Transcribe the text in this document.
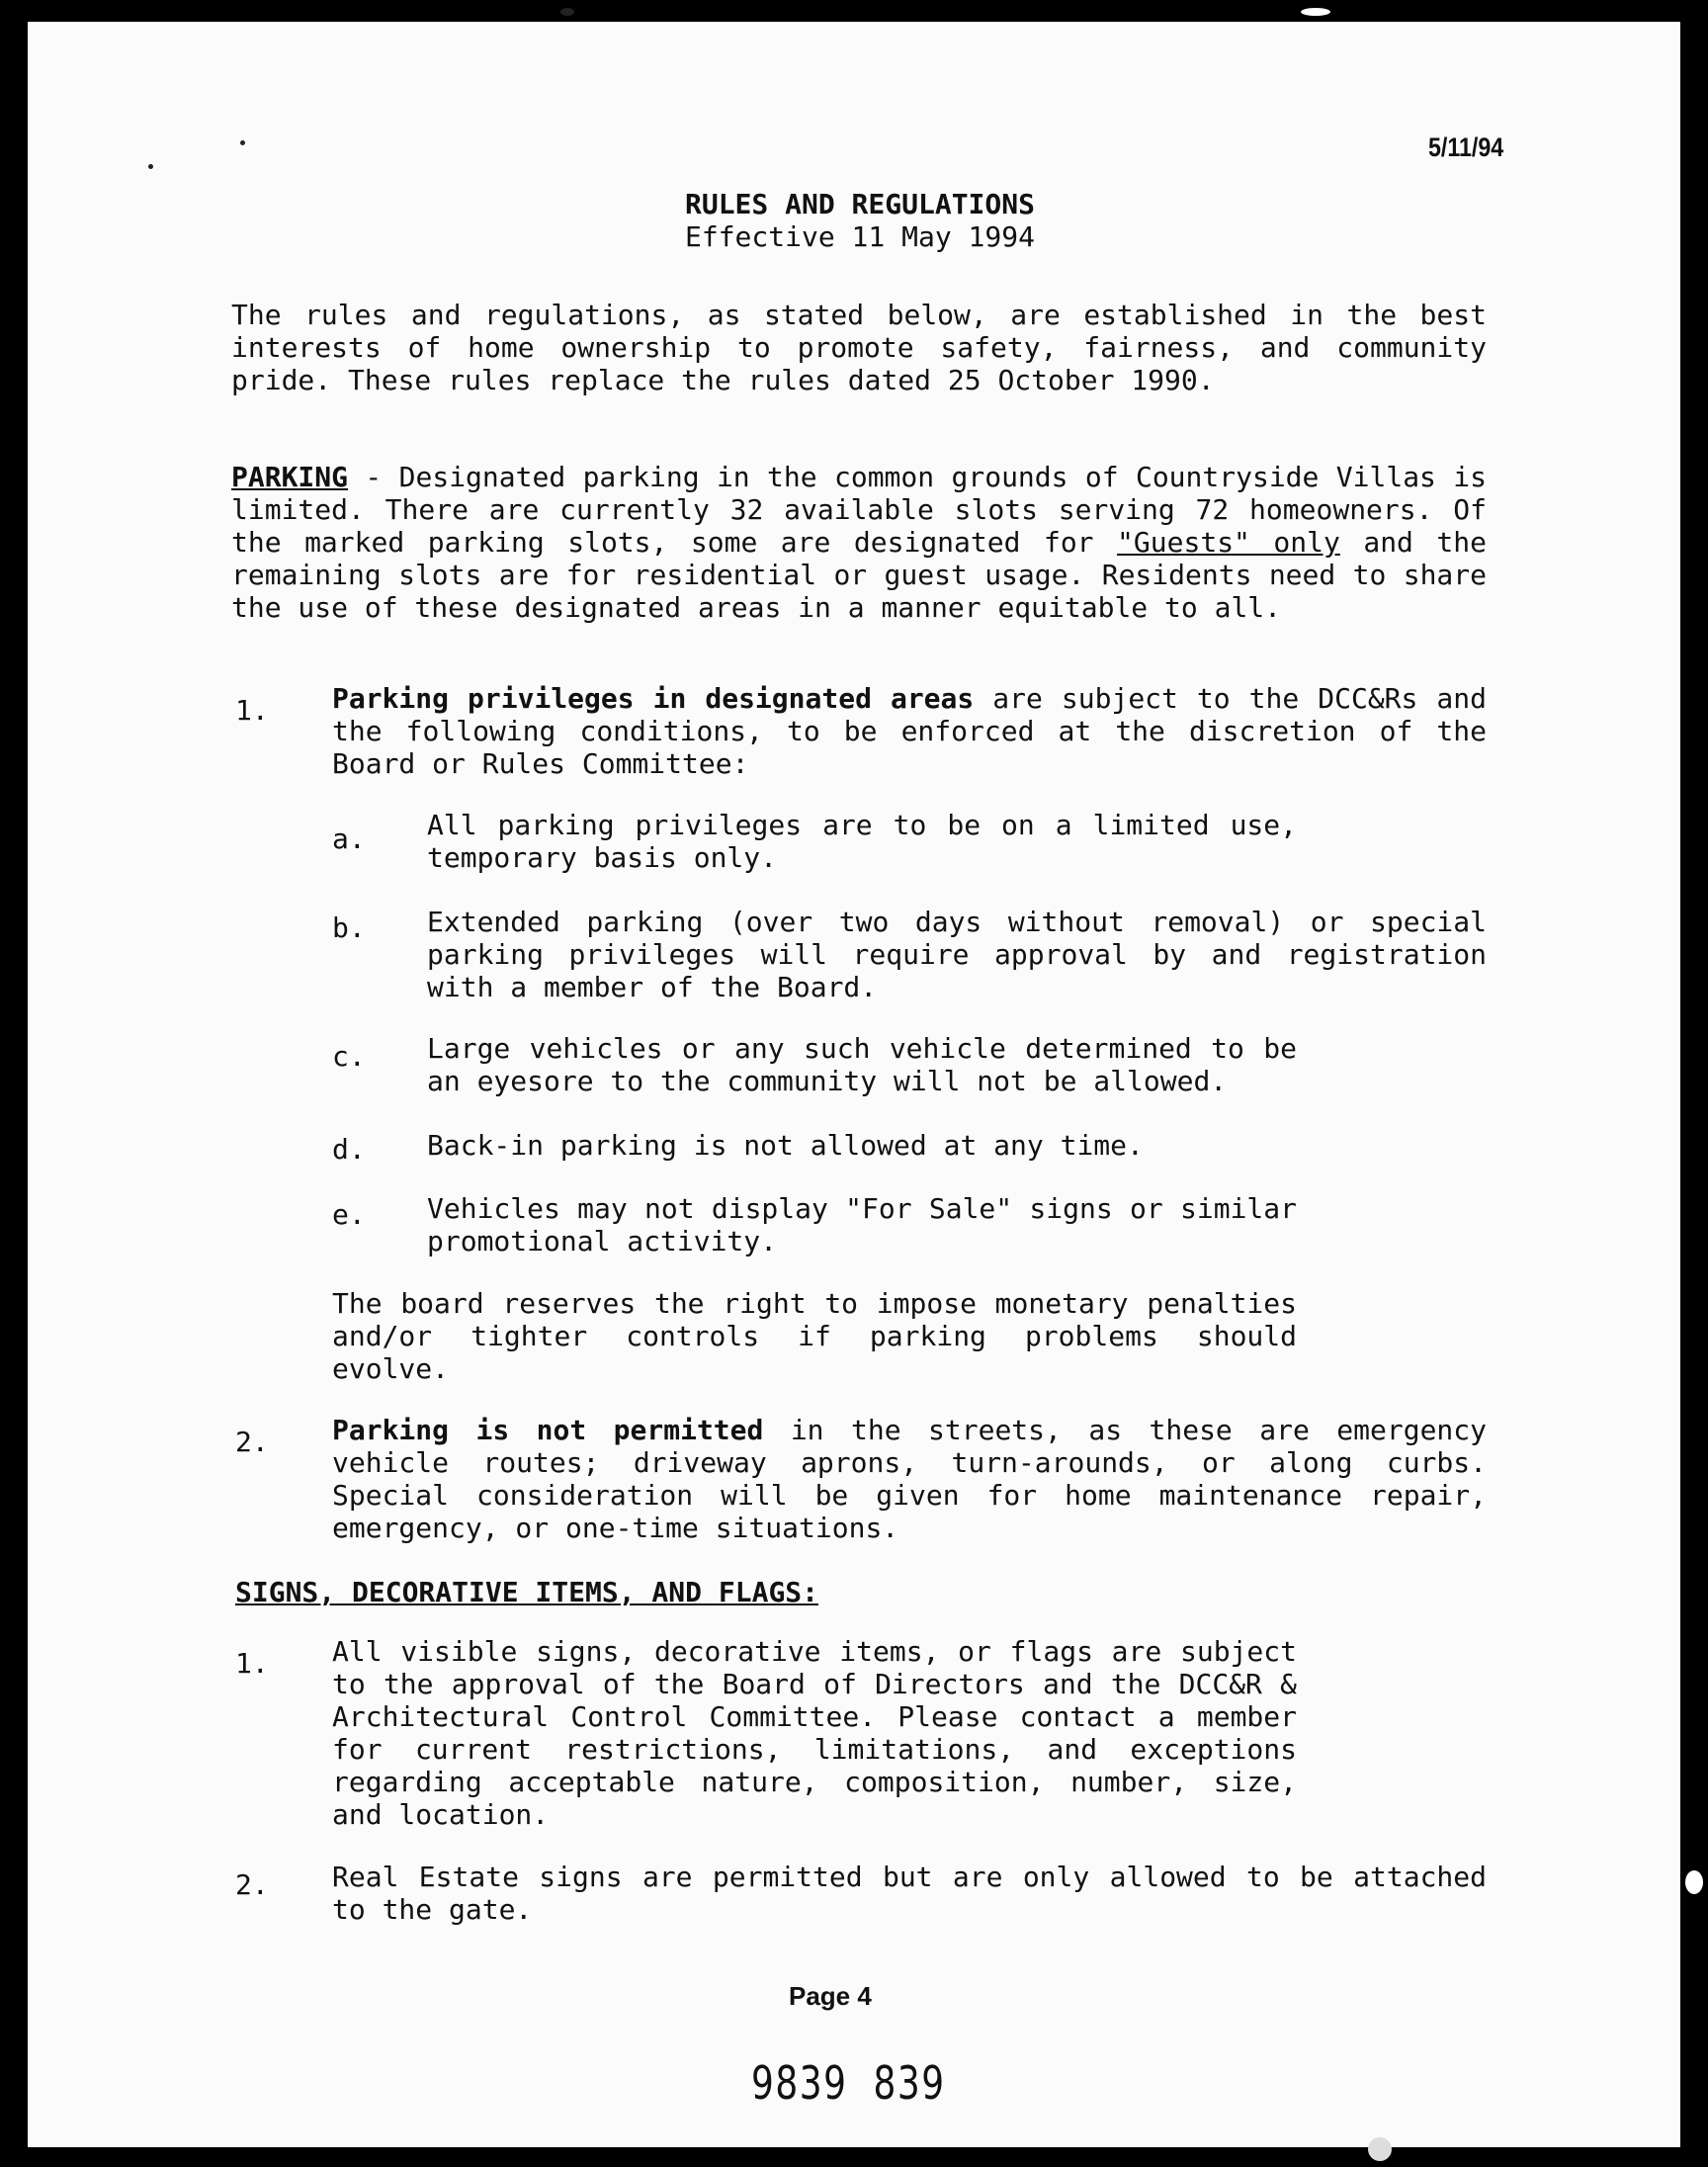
5/11/94
RULES AND REGULATIONS
Effective 11 May 1994
The rules and regulations, as stated below, are established in the best interests of home ownership to promote safety, fairness, and community pride. These rules replace the rules dated 25 October 1990.
PARKING - Designated parking in the common grounds of Countryside Villas is limited. There are currently 32 available slots serving 72 homeowners. Of the marked parking slots, some are designated for "Guests" only and the remaining slots are for residential or guest usage. Residents need to share the use of these designated areas in a manner equitable to all.
1.	Parking privileges in designated areas are subject to the DCC&Rs and the following conditions, to be enforced at the discretion of the Board or Rules Committee:
a. All parking privileges are to be on a limited use, temporary basis only.
b. Extended parking (over two days without removal) or special parking privileges will require approval by and registration with a member of the Board.
c. Large vehicles or any such vehicle determined to be an eyesore to the community will not be allowed.
d. Back-in parking is not allowed at any time.
e. Vehicles may not display "For Sale" signs or similar promotional activity.
The board reserves the right to impose monetary penalties and/or tighter controls if parking problems should evolve.
2.	Parking is not permitted in the streets, as these are emergency vehicle routes; driveway aprons, turn-arounds, or along curbs. Special consideration will be given for home maintenance repair, emergency, or one-time situations.
SIGNS, DECORATIVE ITEMS, AND FLAGS:
1.	All visible signs, decorative items, or flags are subject to the approval of the Board of Directors and the DCC&R & Architectural Control Committee. Please contact a member for current restrictions, limitations, and exceptions regarding acceptable nature, composition, number, size, and location.
2.	Real Estate signs are permitted but are only allowed to be attached to the gate.
Page 4
9839  839
